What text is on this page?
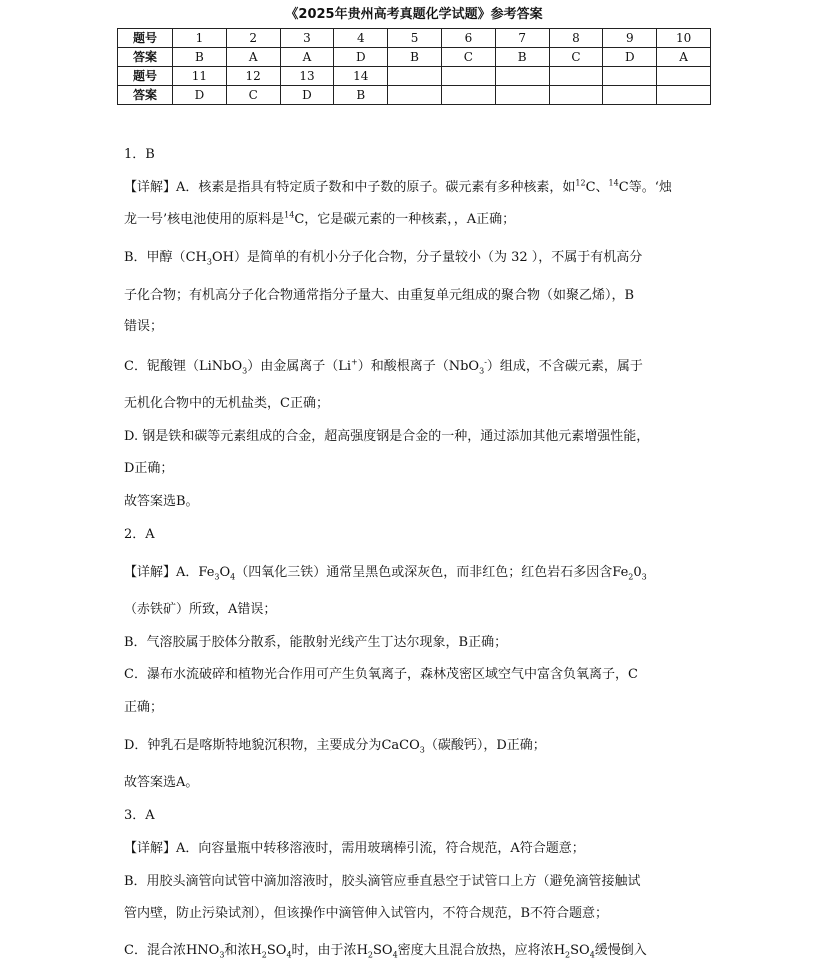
《2025年贵州高考真题化学试题》参考答案
题号	1	2	3	4	5	6	7	8	9	10
答案	B	A	A	D	B	C	B	C	D	A
题号	11	12	13	14						
答案	D	C	D	B						
1．B
【详解】A．核素是指具有特定质子数和中子数的原子。碳元素有多种核素，如$^{12}$C、$^{14}$C等。‘烛
龙一号’核电池使用的原料是$^{14}$C，它是碳元素的一种核素，，A正确；
B．甲醇$(CH_3OH)$是简单的有机小分子化合物，分子量较小（为 32 ），不属于有机高分
子化合物；有机高分子化合物通常指分子量大、由重复单元组成的聚合物（如聚乙烯），B
错误；
C．铌酸锂（LiNbO$_3$）由金属离子（Li+）和酸根离子（NbO$_3$-）组成，不含碳元素，属于
无机化合物中的无机盐类，C正确；
D. 钢是铁和碳等元素组成的合金，超高强度钢是合金的一种，通过添加其他元素增强性能，
D正确；
故答案选B。
2．A
【详解】A．$Fe_3O_4$（四氧化三铁）通常呈黑色或深灰色，而非红色；红色岩石多因含$Fe_20_3$
（赤铁矿）所致，A错误；
B．气溶胶属于胶体分散系，能散射光线产生丁达尔现象，B正确；
C．瀑布水流破碎和植物光合作用可产生负氧离子，森林茂密区域空气中富含负氧离子，C
正确；
D．钟乳石是喀斯特地貌沉积物，主要成分为CaCO$_3$（碳酸钙），D正确；
故答案选A。
3．A
【详解】A．向容量瓶中转移溶液时，需用玻璃棒引流，符合规范，A符合题意；
B．用胶头滴管向试管中滴加溶液时，胶头滴管应垂直悬空于试管口上方（避免滴管接触试
管内壁，防止污染试剂），但该操作中滴管伸入试管内，不符合规范，B不符合题意；
C．混合浓$HNO_3$和浓$H_2SO_4$时，由于浓$H_2SO_4$密度大且混合放热，应将浓$H_2SO_4$缓慢倒入
